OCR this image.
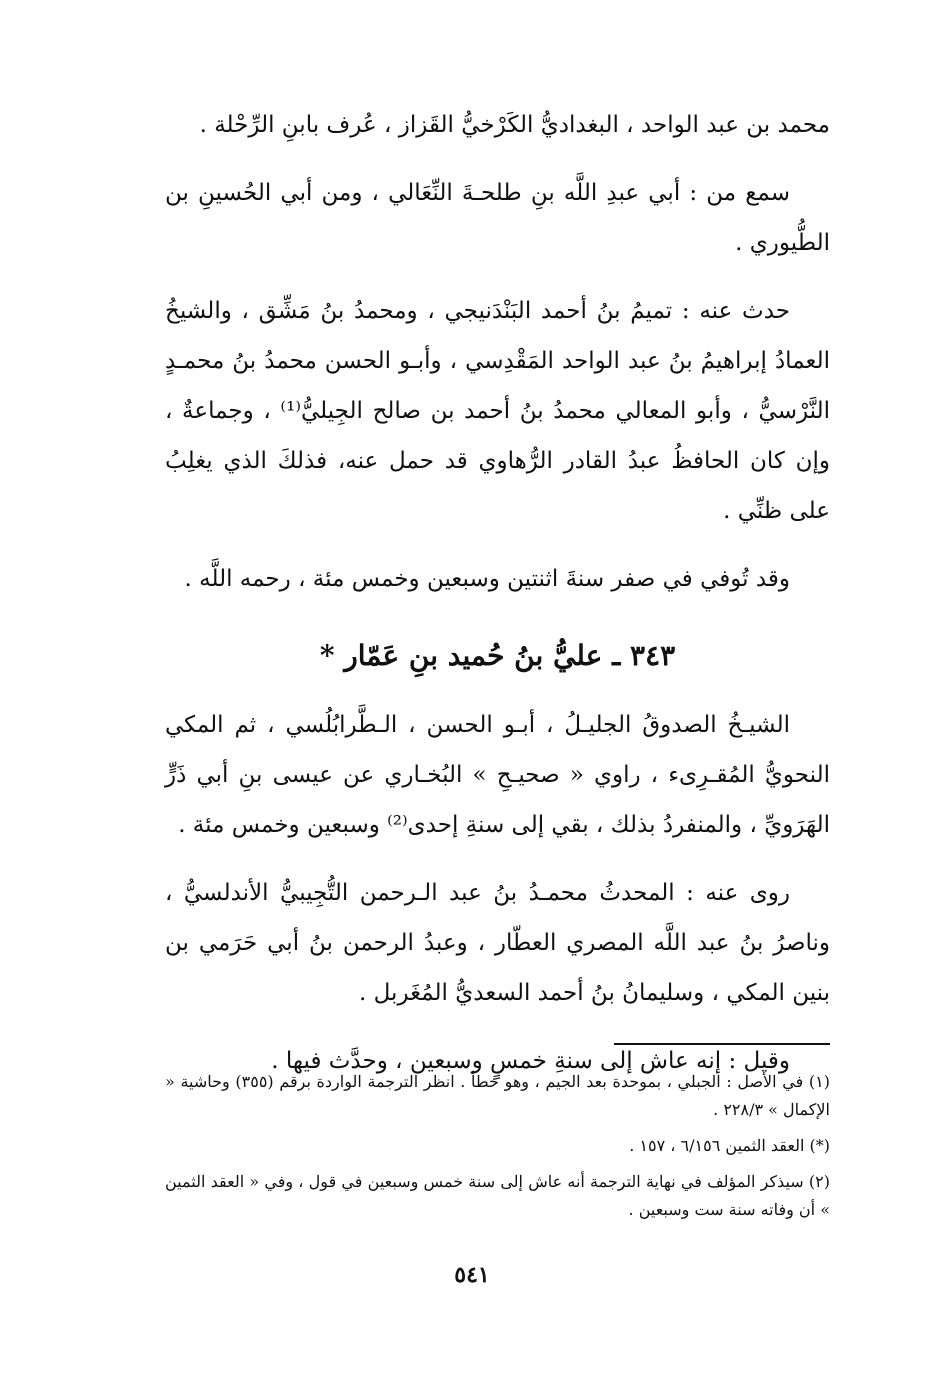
محمد بن عبد الواحد ، البغداديُّ الكَرْخيُّ القَزاز ، عُرف بابنِ الرِّحْلة .

سمع من : أبي عبدِ اللَّه بنِ طلحـةَ النِّعَالي ، ومن أبي الحُسينِ بن الطُّيوري .

حدث عنه : تميمُ بنُ أحمد البَنْدَنيجي ، ومحمدُ بنُ مَشِّق ، والشيخُ العمادُ إبراهيمُ بنُ عبد الواحد المَقْدِسي ، وأبـو الحسن محمدُ بنُ محمـدٍ النَّرْسيُّ ، وأبو المعالي محمدُ بنُ أحمد بن صالح الجِيليُّ⁽¹⁾ ، وجماعةٌ ، وإن كان الحافظُ عبدُ القادر الرُّهاوي قد حمل عنه، فذلكَ الذي يغلِبُ على ظنِّي .

وقد تُوفي في صفر سنةَ اثنتين وسبعين وخمس مئة ، رحمه اللَّه .

٣٤٣ ـ عليُّ بنُ حُميد بنِ عَمّار *

الشيـخُ الصدوقُ الجليـلُ ، أبـو الحسن ، الـطَّرابُلُسي ، ثم المكي النحويُّ المُقـرِىء ، راوي « صحيـحِ » البُخـاري عن عيسى بنِ أبي ذَرٍّ الهَرَويِّ ، والمنفردُ بذلك ، بقي إلى سنةِ إحدى⁽²⁾ وسبعين وخمس مئة .

روى عنه : المحدثُ محمـدُ بنُ عبد الـرحمن التُّجِيبيُّ الأندلسيُّ ، وناصرُ بنُ عبد اللَّه المصري العطّار ، وعبدُ الرحمن بنُ أبي حَرَمي بن بنين المكي ، وسليمانُ بنُ أحمد السعديُّ المُغَربل .

وقيل : إنه عاش إلى سنةِ خمسٍ وسبعين ، وحدَّث فيها .

(١) في الأصل : الجبلي ، بموحدة بعد الجيم ، وهو خطأ . انظر الترجمة الواردة برقم (٣٥٥) وحاشية « الإكمال » ٢٢٨/٣ .

(*) العقد الثمين ٦/١٥٦ ، ١٥٧ .

(٢) سيذكر المؤلف في نهاية الترجمة أنه عاش إلى سنة خمس وسبعين في قول ، وفي « العقد الثمين » أن وفاته سنة ست وسبعين .

٥٤١
